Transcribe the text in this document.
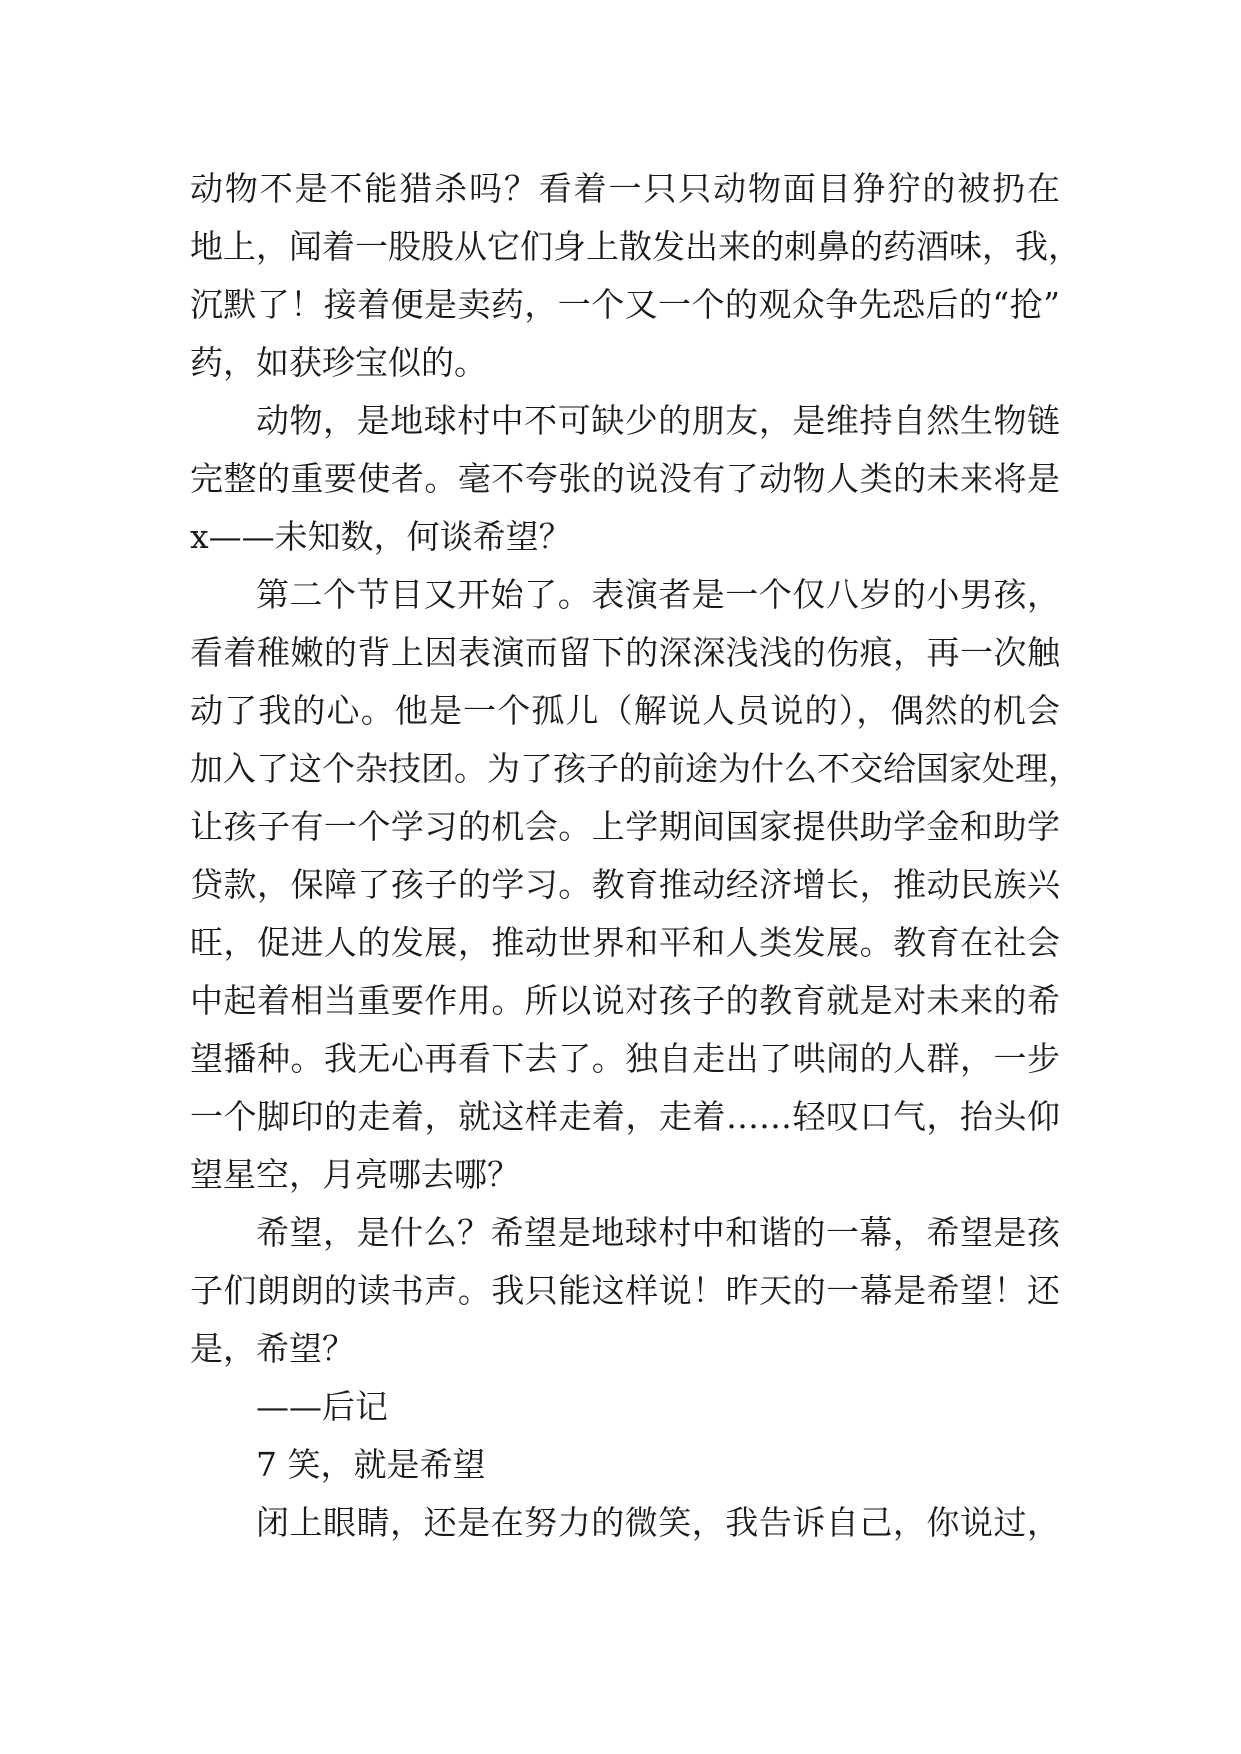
动物不是不能猎杀吗？看着一只只动物面目狰狞的被扔在
地上，闻着一股股从它们身上散发出来的刺鼻的药酒味，我，
沉默了！接着便是卖药，一个又一个的观众争先恐后的“抢”
药，如获珍宝似的。
动物，是地球村中不可缺少的朋友，是维持自然生物链
完整的重要使者。毫不夸张的说没有了动物人类的未来将是
x——未知数，何谈希望？
第二个节目又开始了。表演者是一个仅八岁的小男孩，
看着稚嫩的背上因表演而留下的深深浅浅的伤痕，再一次触
动了我的心。他是一个孤儿（解说人员说的），偶然的机会
加入了这个杂技团。为了孩子的前途为什么不交给国家处理，
让孩子有一个学习的机会。上学期间国家提供助学金和助学
贷款，保障了孩子的学习。教育推动经济增长，推动民族兴
旺，促进人的发展，推动世界和平和人类发展。教育在社会
中起着相当重要作用。所以说对孩子的教育就是对未来的希
望播种。我无心再看下去了。独自走出了哄闹的人群，一步
一个脚印的走着，就这样走着，走着……轻叹口气，抬头仰
望星空，月亮哪去哪？
希望，是什么？希望是地球村中和谐的一幕，希望是孩
子们朗朗的读书声。我只能这样说！昨天的一幕是希望！还
是，希望？
——后记
7 笑，就是希望
闭上眼睛，还是在努力的微笑，我告诉自己，你说过，
